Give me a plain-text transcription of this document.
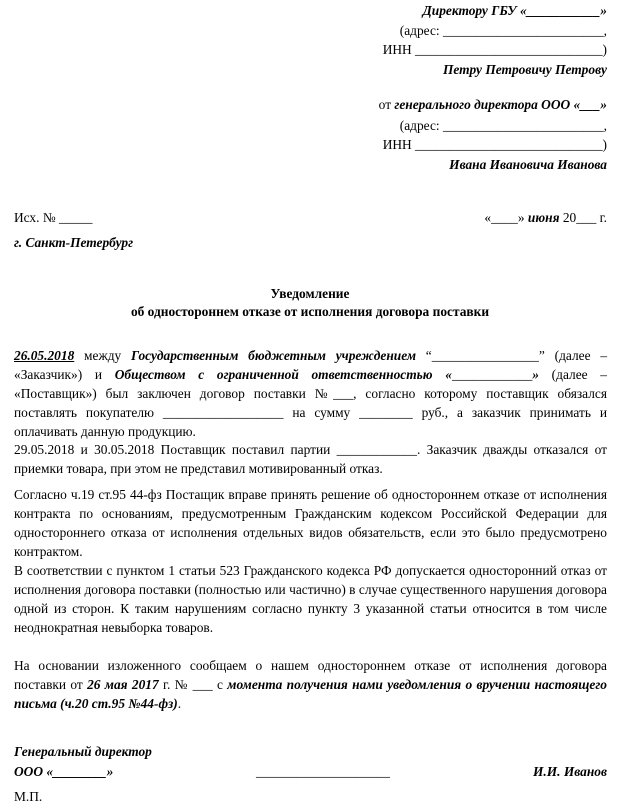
Директору ГБУ «___________»
(адрес: ________________________,
ИНН ____________________________)
Петру Петровичу Петрову
от генерального директора ООО «___»
(адрес: ________________________,
ИНН ____________________________)
Ивана Ивановича Иванова
Исх. № _____	«____» июня 20___ г.
г. Санкт-Петербург
Уведомление
об одностороннем отказе от исполнения договора поставки

26.05.2018 между Государственным бюджетным учреждением “________________” (далее – «Заказчик») и Обществом с ограниченной ответственностью «____________» (далее – «Поставщик») был заключен договор поставки №___, согласно которому поставщик обязался поставлять покупателю __________________ на сумму ________ руб., а заказчик принимать и оплачивать данную продукцию.

29.05.2018 и 30.05.2018 Поставщик поставил партии ____________. Заказчик дважды отказался от приемки товара, при этом не представил мотивированный отказ.

Согласно ч.19 ст.95 44-фз Постащик вправе принять решение об одностороннем отказе от исполнения контракта по основаниям, предусмотренным Гражданским кодексом Российской Федерации для одностороннего отказа от исполнения отдельных видов обязательств, если это было предусмотрено контрактом.

В соответствии с пунктом 1 статьи 523 Гражданского кодекса РФ допускается односторонний отказ от исполнения договора поставки (полностью или частично) в случае существенного нарушения договора одной из сторон. К таким нарушениям согласно пункту 3 указанной статьи относится в том числе неоднократная невыборка товаров.

На основании изложенного сообщаем о нашем одностороннем отказе от исполнения договора поставки от 26 мая 2017 г. № ___ с момента получения нами уведомления о вручении настоящего письма (ч.20 ст.95 №44-фз).

Генеральный директор
ООО «________»	____________________	И.И. Иванов
М.П.
